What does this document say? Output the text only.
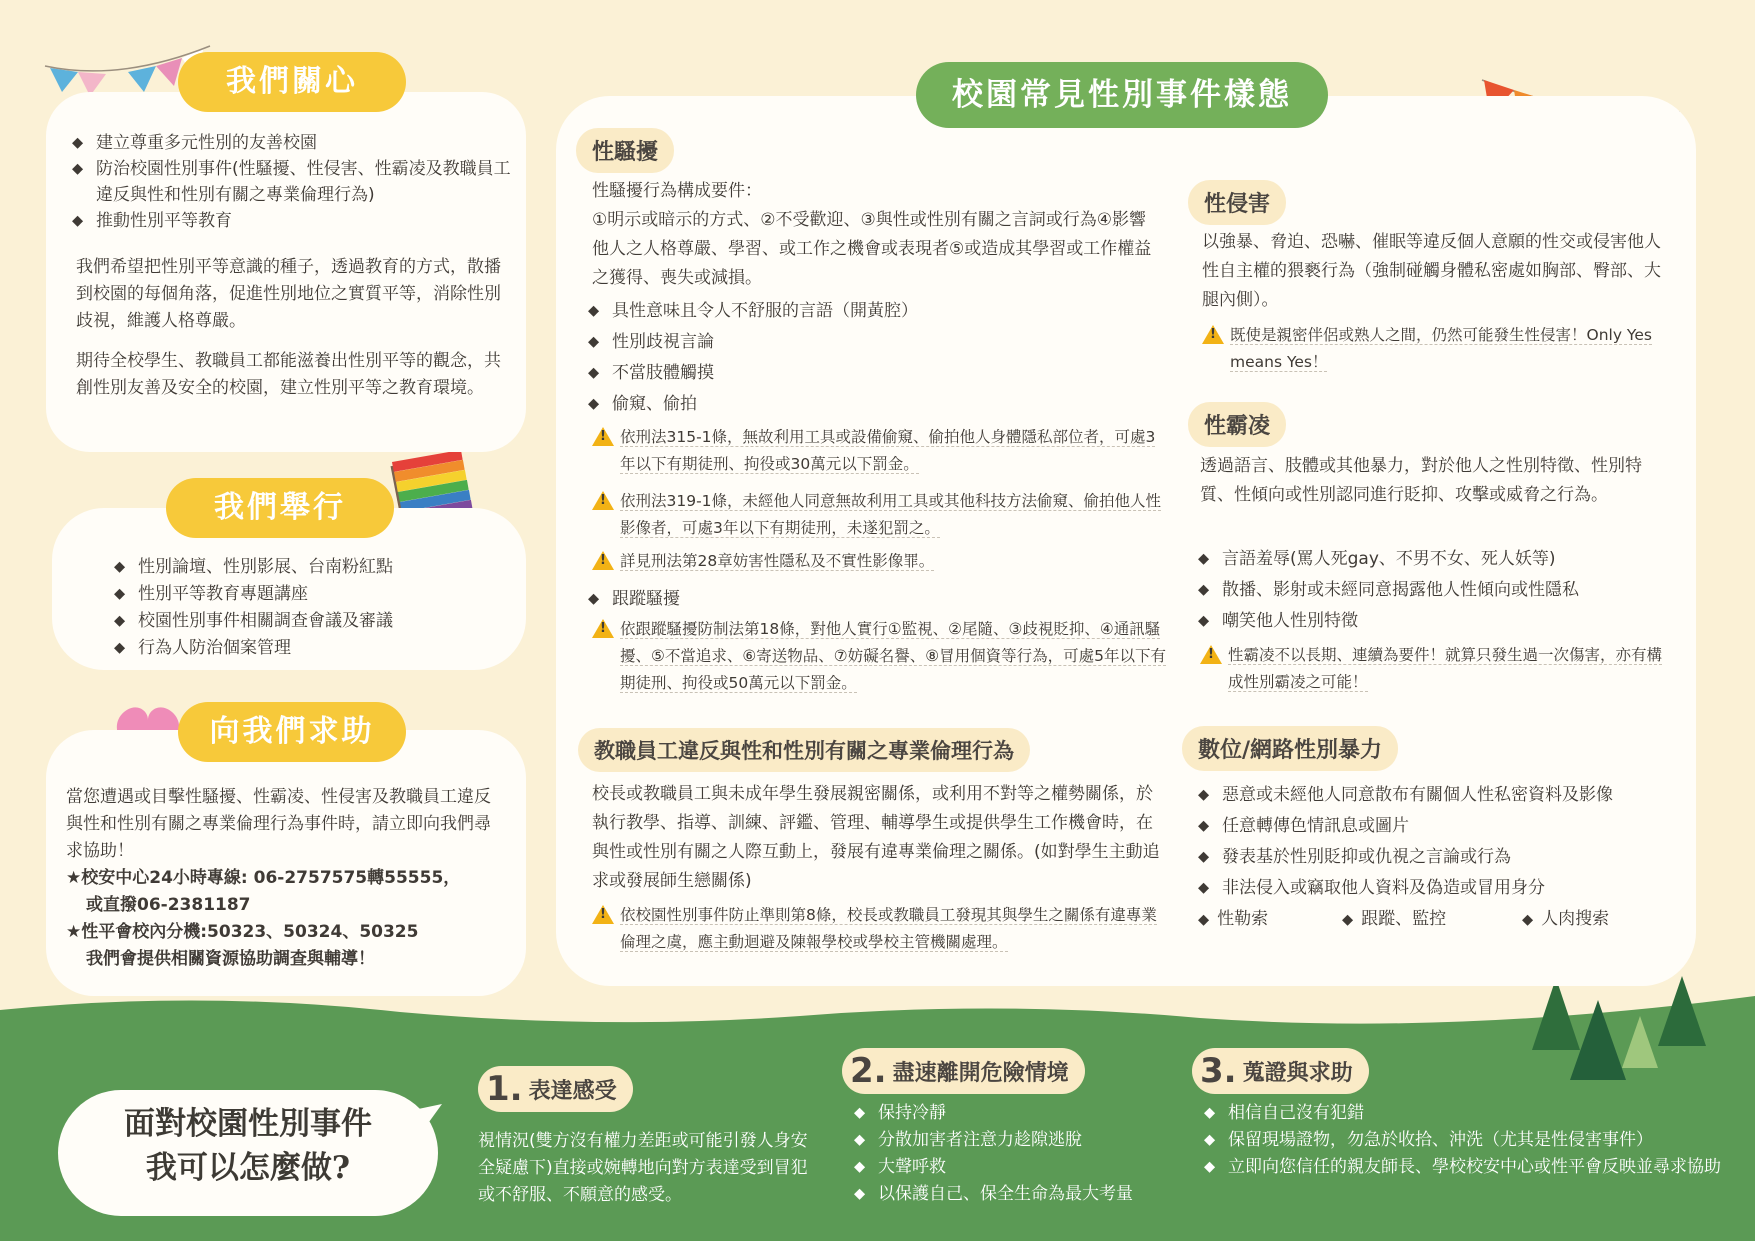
我們關心
◆ 建立尊重多元性別的友善校園
◆ 防治校園性別事件(性騷擾、性侵害、性霸凌及教職員工違反與性和性別有關之專業倫理行為)
◆ 推動性別平等教育
我們希望把性別平等意識的種子，透過教育的方式，散播到校園的每個角落，促進性別地位之實質平等，消除性別歧視，維護人格尊嚴。
期待全校學生、教職員工都能滋養出性別平等的觀念，共創性別友善及安全的校園，建立性別平等之教育環境。
我們舉行
◆ 性別論壇、性別影展、台南粉紅點
◆ 性別平等教育專題講座
◆ 校園性別事件相關調查會議及審議
◆ 行為人防治個案管理
向我們求助
當您遭遇或目擊性騷擾、性霸凌、性侵害及教職員工違反與性和性別有關之專業倫理行為事件時，請立即向我們尋求協助！
★校安中心24小時專線: 06-2757575轉55555，
或直撥06-2381187
★性平會校內分機:50323、50324、50325
我們會提供相關資源協助調查與輔導！
校園常見性別事件樣態
性騷擾
性騷擾行為構成要件：
①明示或暗示的方式、②不受歡迎、③與性或性別有關之言詞或行為④影響他人之人格尊嚴、學習、或工作之機會或表現者⑤或造成其學習或工作權益之獲得、喪失或減損。
◆ 具性意味且令人不舒服的言語（開黃腔）
◆ 性別歧視言論
◆ 不當肢體觸摸
◆ 偷窺、偷拍
!
依刑法315-1條，無故利用工具或設備偷窺、偷拍他人身體隱私部位者，可處3年以下有期徒刑、拘役或30萬元以下罰金。
!
依刑法319-1條，未經他人同意無故利用工具或其他科技方法偷窺、偷拍他人性影像者，可處3年以下有期徒刑，未遂犯罰之。
!
詳見刑法第28章妨害性隱私及不實性影像罪。
◆ 跟蹤騷擾
!
依跟蹤騷擾防制法第18條，對他人實行①監視、②尾隨、③歧視貶抑、④通訊騷擾、⑤不當追求、⑥寄送物品、⑦妨礙名譽、⑧冒用個資等行為，可處5年以下有期徒刑、拘役或50萬元以下罰金。
教職員工違反與性和性別有關之專業倫理行為
校長或教職員工與未成年學生發展親密關係，或利用不對等之權勢關係，於執行教學、指導、訓練、評鑑、管理、輔導學生或提供學生工作機會時，在與性或性別有關之人際互動上，發展有違專業倫理之關係。(如對學生主動追求或發展師生戀關係)
!
依校園性別事件防止準則第8條，校長或教職員工發現其與學生之關係有違專業倫理之虞，應主動迴避及陳報學校或學校主管機關處理。
性侵害
以強暴、脅迫、恐嚇、催眠等違反個人意願的性交或侵害他人性自主權的猥褻行為（強制碰觸身體私密處如胸部、臀部、大腿內側）。
!
既使是親密伴侶或熟人之間，仍然可能發生性侵害！Only Yes means Yes！
性霸凌
透過語言、肢體或其他暴力，對於他人之性別特徵、性別特質、性傾向或性別認同進行貶抑、攻擊或威脅之行為。
◆ 言語羞辱(罵人死gay、不男不女、死人妖等)
◆ 散播、影射或未經同意揭露他人性傾向或性隱私
◆ 嘲笑他人性別特徵
!
性霸凌不以長期、連續為要件！就算只發生過一次傷害，亦有構成性別霸凌之可能！
數位/網路性別暴力
◆ 惡意或未經他人同意散布有關個人性私密資料及影像
◆ 任意轉傳色情訊息或圖片
◆ 發表基於性別貶抑或仇視之言論或行為
◆ 非法侵入或竊取他人資料及偽造或冒用身分
◆ 性勒索	◆ 跟蹤、監控	◆ 人肉搜索
面對校園性別事件
我可以怎麼做?
1. 表達感受
視情況(雙方沒有權力差距或可能引發人身安全疑慮下)直接或婉轉地向對方表達受到冒犯或不舒服、不願意的感受。
2. 盡速離開危險情境
◆ 保持冷靜
◆ 分散加害者注意力趁隙逃脫
◆ 大聲呼救
◆ 以保護自己、保全生命為最大考量
3. 蒐證與求助
◆ 相信自己沒有犯錯
◆ 保留現場證物，勿急於收拾、沖洗（尤其是性侵害事件）
◆ 立即向您信任的親友師長、學校校安中心或性平會反映並尋求協助
